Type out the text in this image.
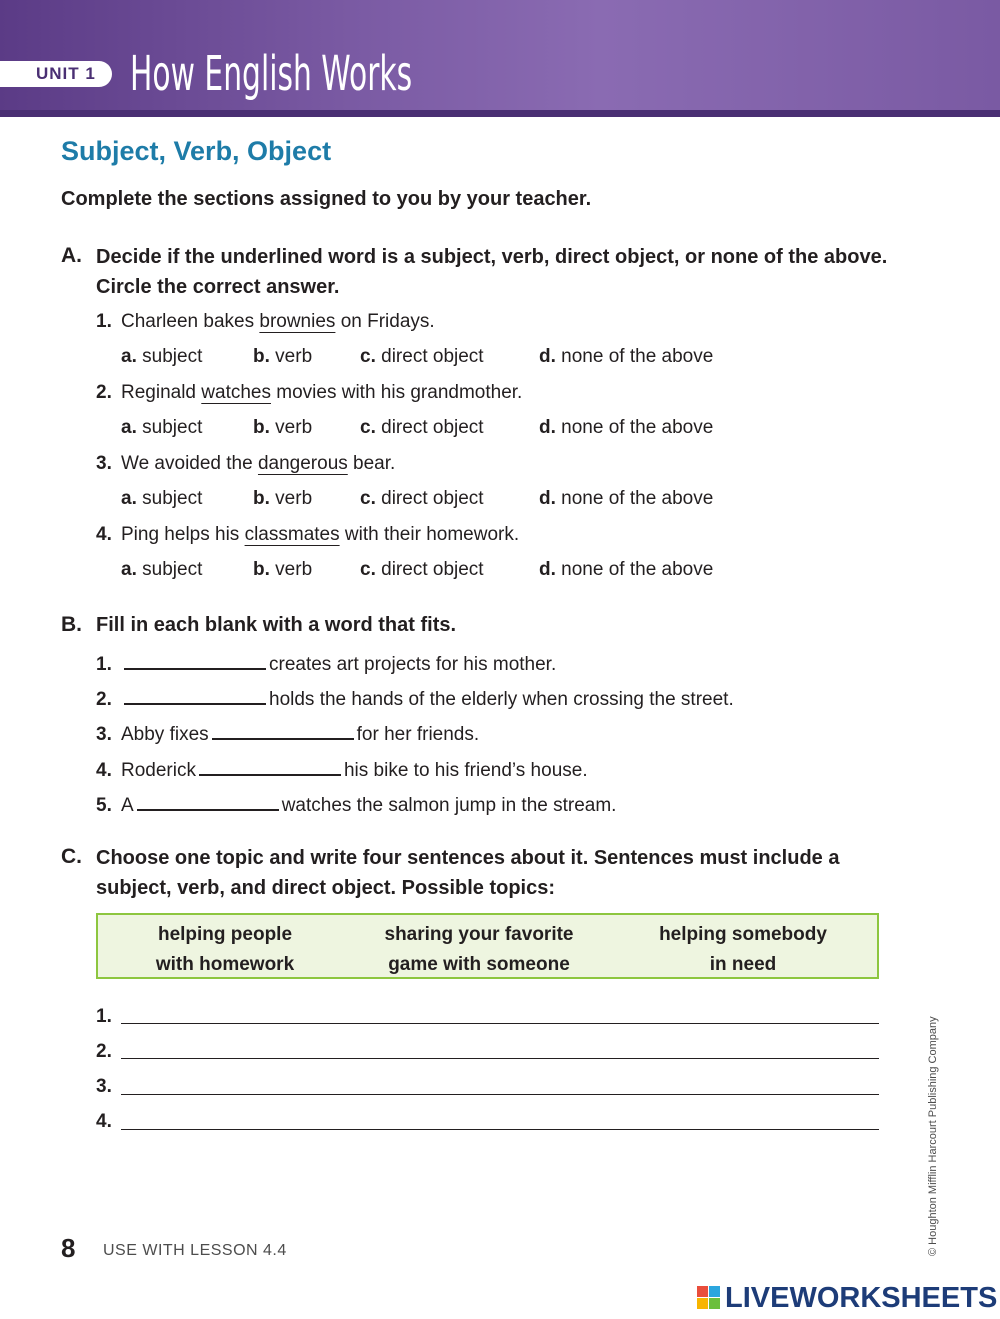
UNIT 1 How English Works
Subject, Verb, Object
Complete the sections assigned to you by your teacher.
A. Decide if the underlined word is a subject, verb, direct object, or none of the above. Circle the correct answer.
1. Charleen bakes brownies on Fridays.
a. subject	b. verb	c. direct object	d. none of the above
2. Reginald watches movies with his grandmother.
a. subject	b. verb	c. direct object	d. none of the above
3. We avoided the dangerous bear.
a. subject	b. verb	c. direct object	d. none of the above
4. Ping helps his classmates with their homework.
a. subject	b. verb	c. direct object	d. none of the above
B. Fill in each blank with a word that fits.
1.	creates art projects for his mother.
2.	holds the hands of the elderly when crossing the street.
3. Abby fixes	for her friends.
4. Roderick	his bike to his friend’s house.
5. A	watches the salmon jump in the stream.
C. Choose one topic and write four sentences about it. Sentences must include a subject, verb, and direct object. Possible topics:
helping people
with homework
sharing your favorite
game with someone
helping somebody
in need
1.
2.
3.
4.
8 USE WITH LESSON 4.4	© Houghton Mifflin Harcourt Publishing Company
LIVEWORKSHEETS
